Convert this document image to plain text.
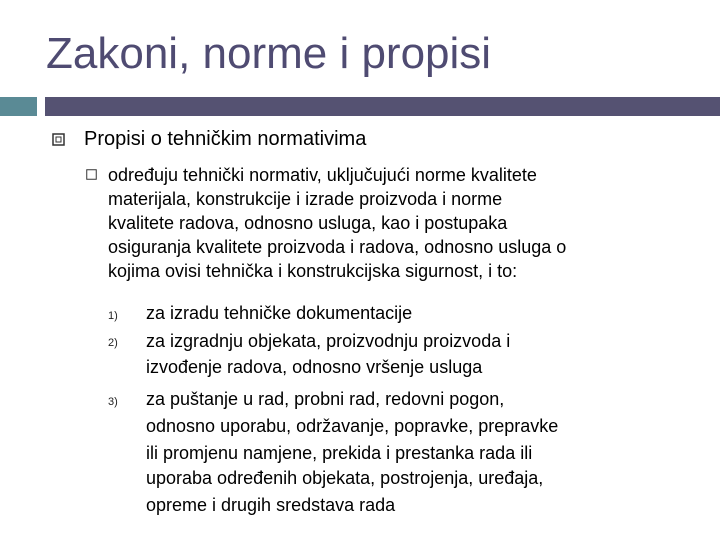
Zakoni, norme i propisi
Propisi o tehničkim normativima
određuju tehnički normativ, uključujući norme kvalitete
materijala, konstrukcije i izrade proizvoda i norme
kvalitete radova, odnosno usluga, kao i postupaka
osiguranja kvalitete proizvoda i radova, odnosno usluga o
kojima ovisi tehnička i konstrukcijska sigurnost, i to:
1) za izradu tehničke dokumentacije
2) za izgradnju objekata, proizvodnju proizvoda i
izvođenje radova, odnosno vršenje usluga
3) za puštanje u rad, probni rad, redovni pogon,
odnosno uporabu, održavanje, popravke, prepravke
ili promjenu namjene, prekida i prestanka rada ili
uporaba određenih objekata, postrojenja, uređaja,
opreme i drugih sredstava rada
